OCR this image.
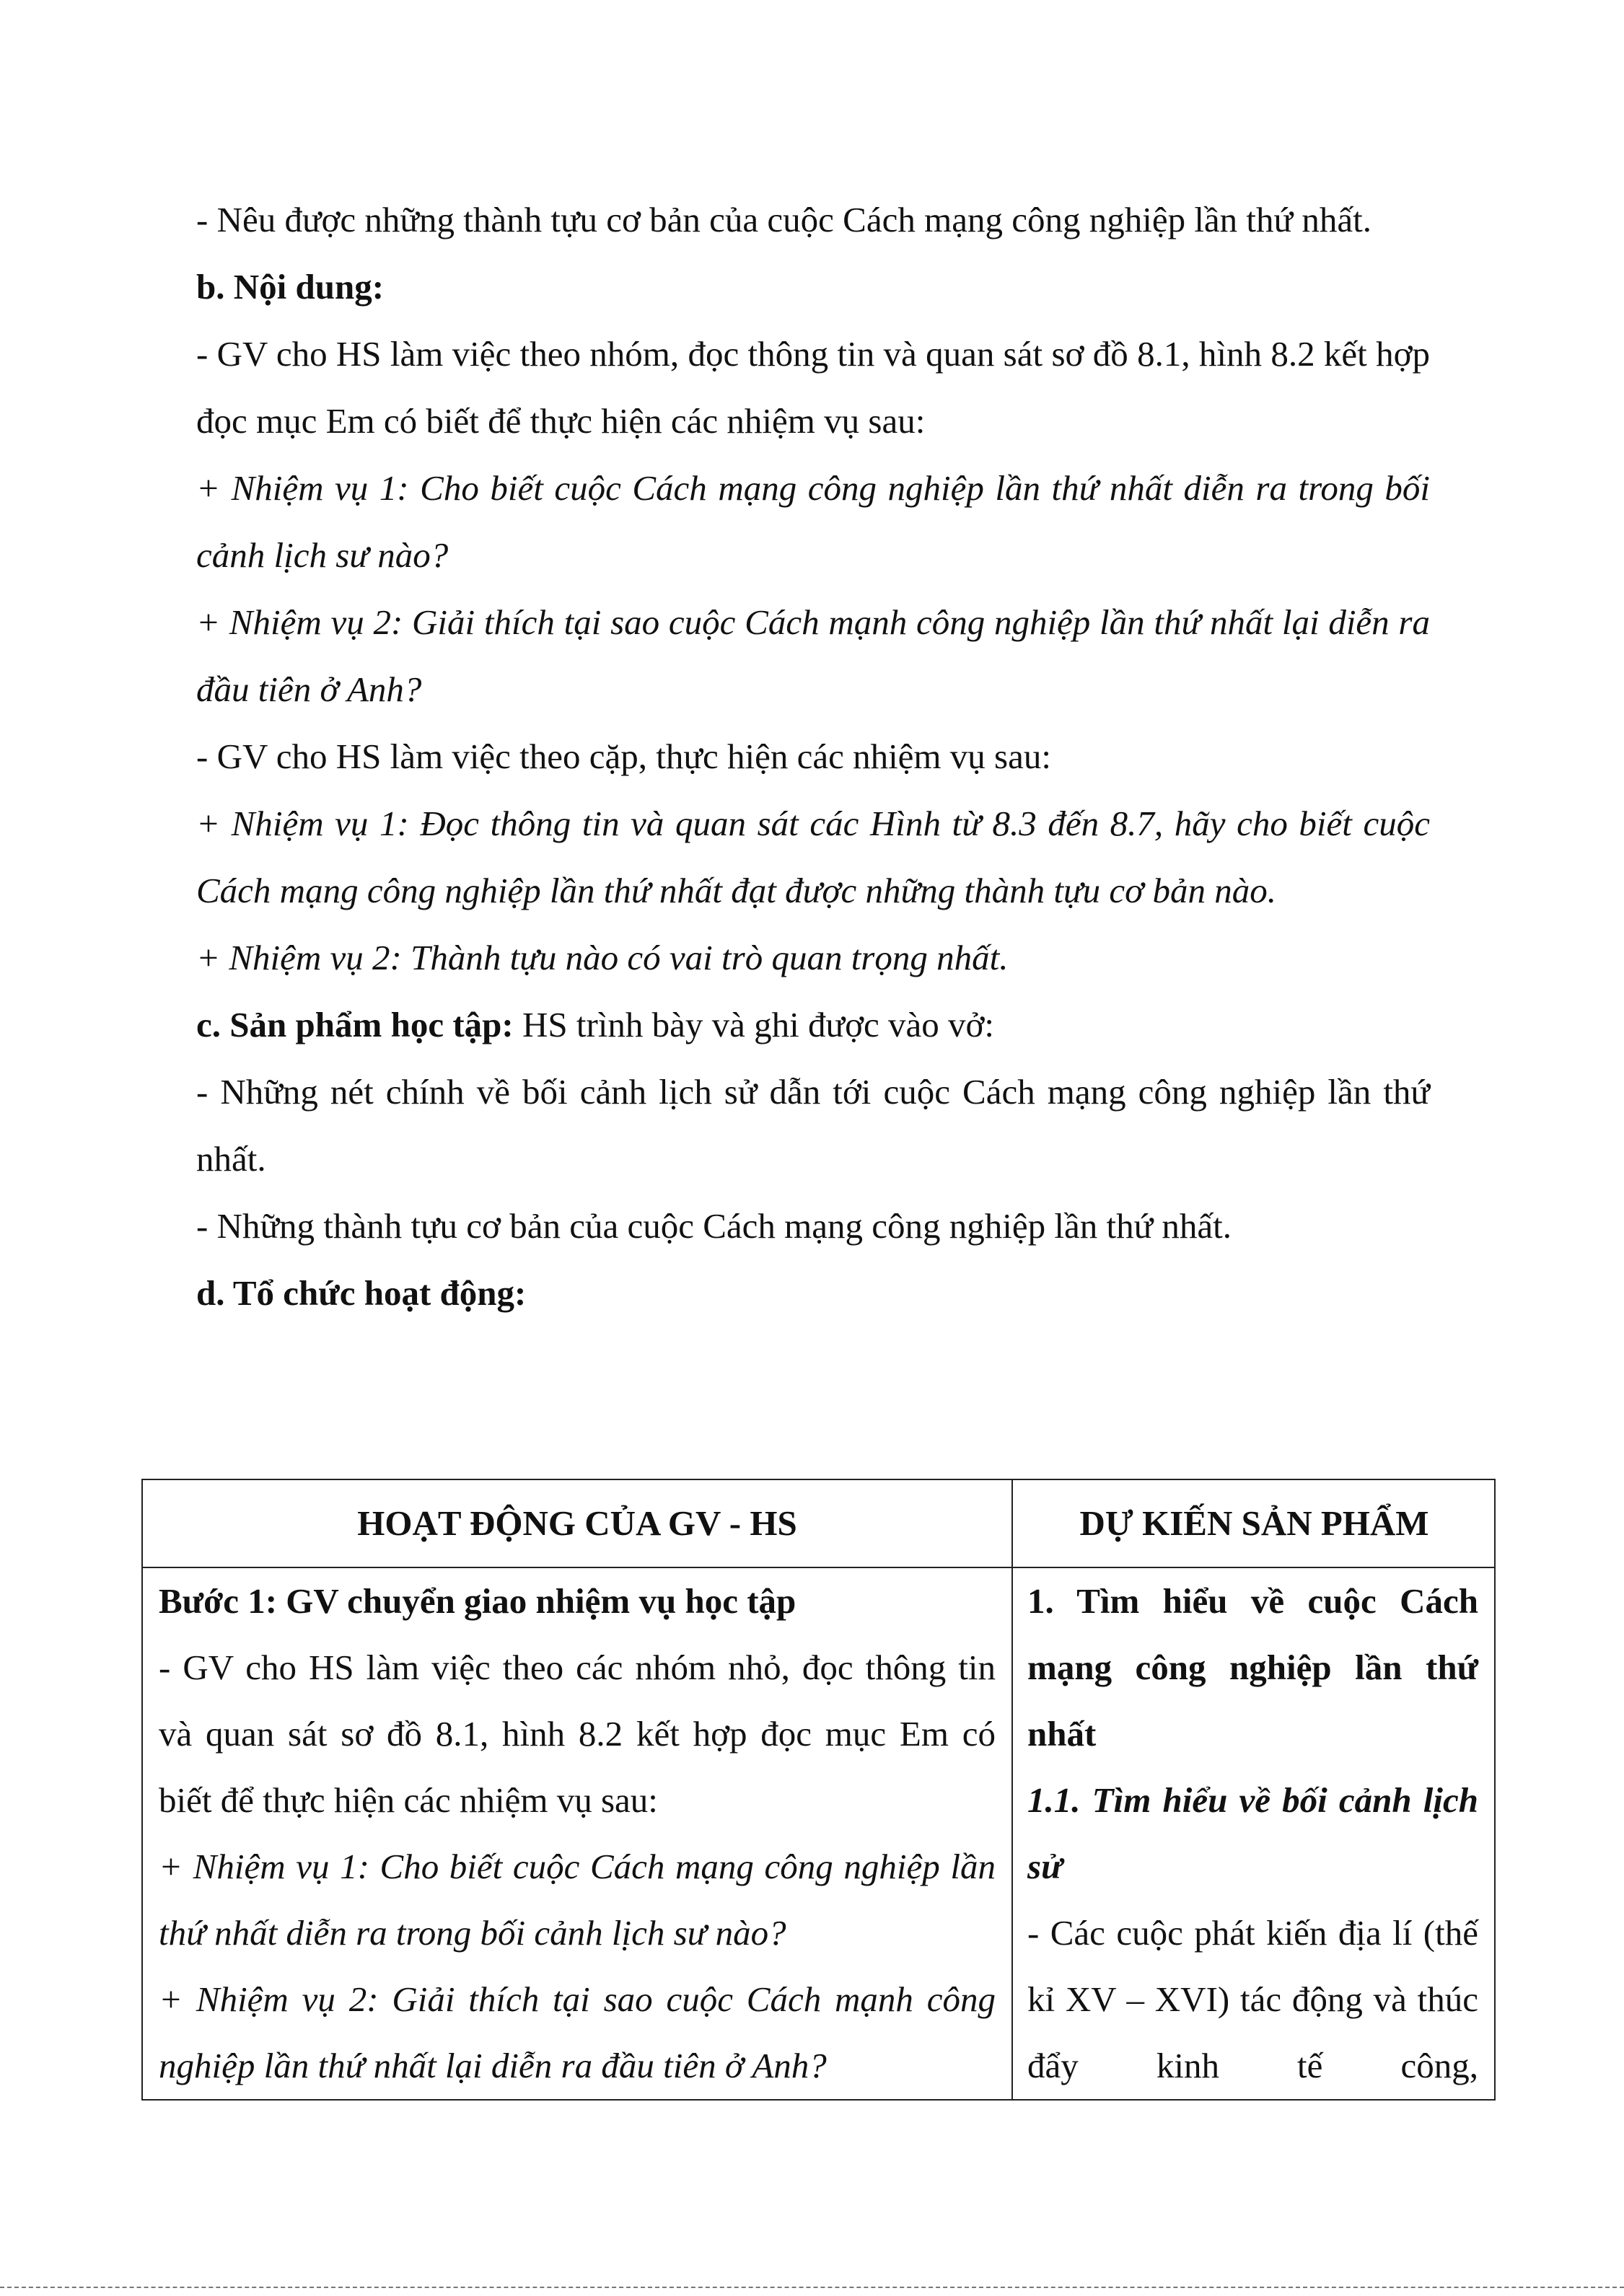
- Nêu được những thành tựu cơ bản của cuộc Cách mạng công nghiệp lần thứ nhất.

b. Nội dung:

- GV cho HS làm việc theo nhóm, đọc thông tin và quan sát sơ đồ 8.1, hình 8.2 kết hợp đọc mục Em có biết để thực hiện các nhiệm vụ sau:

+ Nhiệm vụ 1: Cho biết cuộc Cách mạng công nghiệp lần thứ nhất diễn ra trong bối cảnh lịch sư nào?

+ Nhiệm vụ 2: Giải thích tại sao cuộc Cách mạnh công nghiệp lần thứ nhất lại diễn ra đầu tiên ở Anh?

- GV cho HS làm việc theo cặp, thực hiện các nhiệm vụ sau:

+ Nhiệm vụ 1: Đọc thông tin và quan sát các Hình từ 8.3 đến 8.7, hãy cho biết cuộc Cách mạng công nghiệp lần thứ nhất đạt được những thành tựu cơ bản nào.

+ Nhiệm vụ 2: Thành tựu nào có vai trò quan trọng nhất.

c. Sản phẩm học tập: HS trình bày và ghi được vào vở:

- Những nét chính về bối cảnh lịch sử dẫn tới cuộc Cách mạng công nghiệp lần thứ nhất.

- Những thành tựu cơ bản của cuộc Cách mạng công nghiệp lần thứ nhất.

d. Tổ chức hoạt động:

HOẠT ĐỘNG CỦA GV - HS	DỰ KIẾN SẢN PHẨM

Bước 1: GV chuyển giao nhiệm vụ học tập

- GV cho HS làm việc theo các nhóm nhỏ, đọc thông tin và quan sát sơ đồ 8.1, hình 8.2 kết hợp đọc mục Em có biết để thực hiện các nhiệm vụ sau:

+ Nhiệm vụ 1: Cho biết cuộc Cách mạng công nghiệp lần thứ nhất diễn ra trong bối cảnh lịch sư nào?

+ Nhiệm vụ 2: Giải thích tại sao cuộc Cách mạnh công nghiệp lần thứ nhất lại diễn ra đầu tiên ở Anh?

1. Tìm hiểu về cuộc Cách mạng công nghiệp lần thứ nhất

1.1. Tìm hiểu về bối cảnh lịch sử

- Các cuộc phát kiến địa lí (thế kỉ XV – XVI) tác động và thúc đẩy kinh tế công,
